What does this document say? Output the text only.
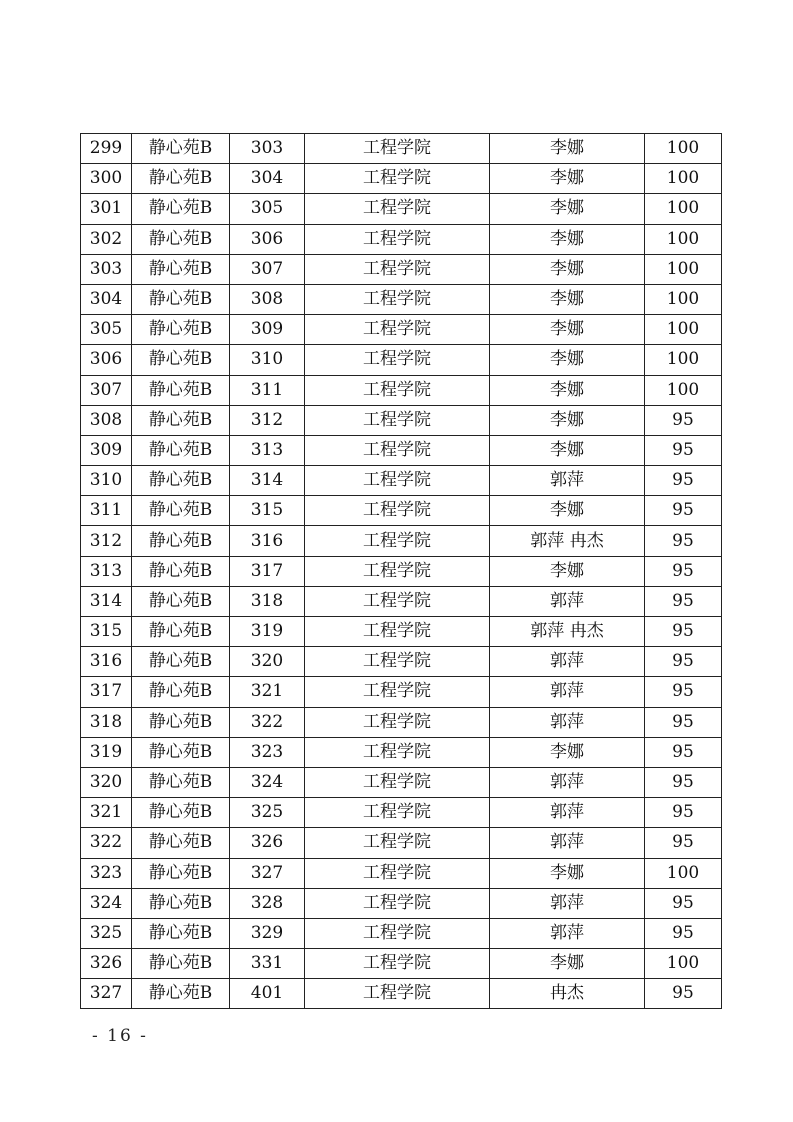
299	静心苑B	303	工程学院	李娜	100
300	静心苑B	304	工程学院	李娜	100
301	静心苑B	305	工程学院	李娜	100
302	静心苑B	306	工程学院	李娜	100
303	静心苑B	307	工程学院	李娜	100
304	静心苑B	308	工程学院	李娜	100
305	静心苑B	309	工程学院	李娜	100
306	静心苑B	310	工程学院	李娜	100
307	静心苑B	311	工程学院	李娜	100
308	静心苑B	312	工程学院	李娜	95
309	静心苑B	313	工程学院	李娜	95
310	静心苑B	314	工程学院	郭萍	95
311	静心苑B	315	工程学院	李娜	95
312	静心苑B	316	工程学院	郭萍 冉杰	95
313	静心苑B	317	工程学院	李娜	95
314	静心苑B	318	工程学院	郭萍	95
315	静心苑B	319	工程学院	郭萍 冉杰	95
316	静心苑B	320	工程学院	郭萍	95
317	静心苑B	321	工程学院	郭萍	95
318	静心苑B	322	工程学院	郭萍	95
319	静心苑B	323	工程学院	李娜	95
320	静心苑B	324	工程学院	郭萍	95
321	静心苑B	325	工程学院	郭萍	95
322	静心苑B	326	工程学院	郭萍	95
323	静心苑B	327	工程学院	李娜	100
324	静心苑B	328	工程学院	郭萍	95
325	静心苑B	329	工程学院	郭萍	95
326	静心苑B	331	工程学院	李娜	100
327	静心苑B	401	工程学院	冉杰	95
- 16 -
